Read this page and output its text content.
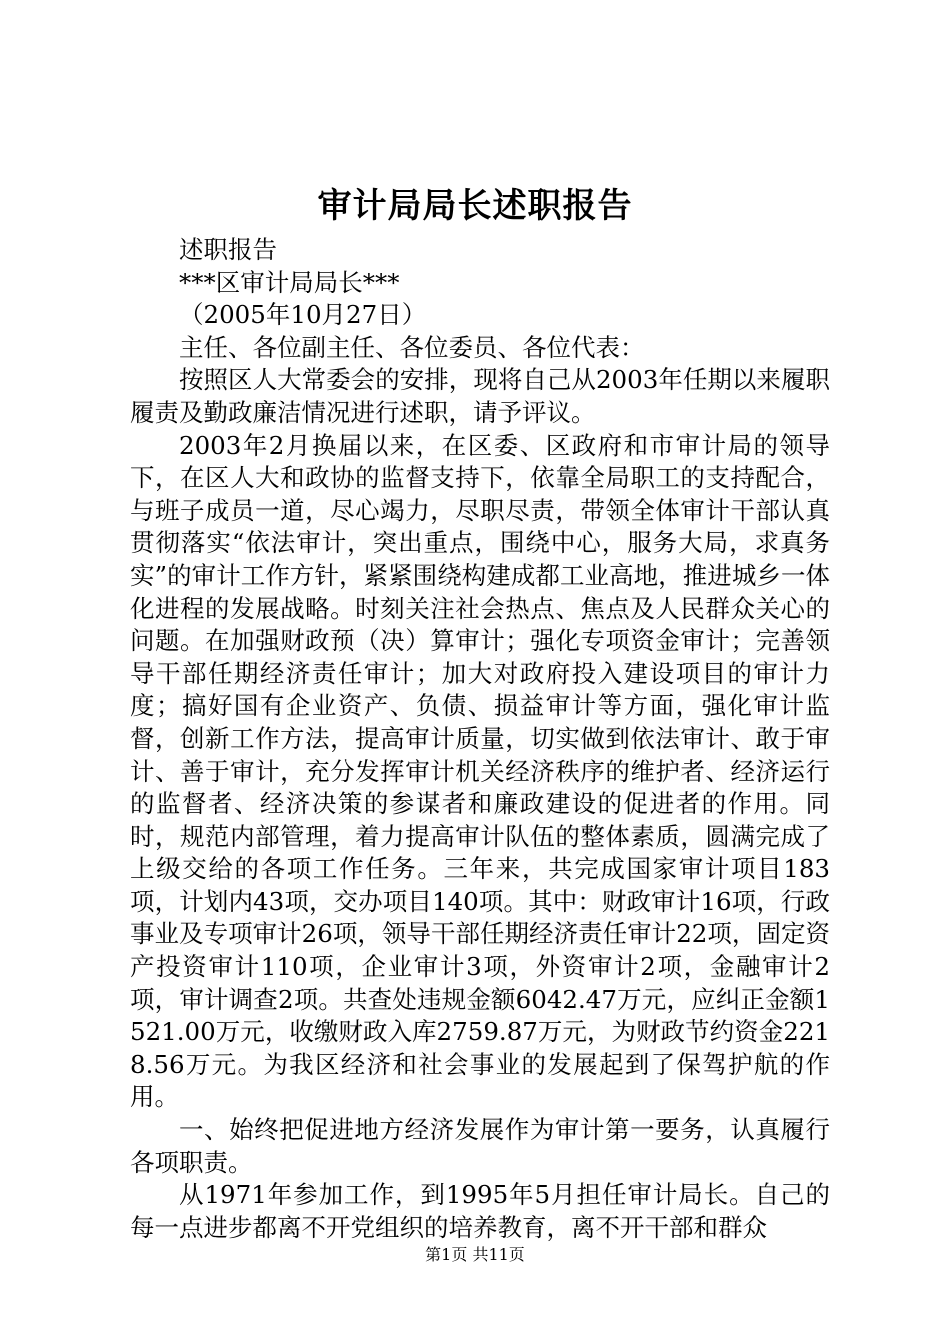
审计局局长述职报告

述职报告

***区审计局局长***

（2005年10月27日）

主任、各位副主任、各位委员、各位代表：

按照区人大常委会的安排，现将自己从2003年任期以来履职履责及勤政廉洁情况进行述职，请予评议。

2003年2月换届以来，在区委、区政府和市审计局的领导下，在区人大和政协的监督支持下，依靠全局职工的支持配合，与班子成员一道，尽心竭力，尽职尽责，带领全体审计干部认真贯彻落实“依法审计，突出重点，围绕中心，服务大局，求真务实”的审计工作方针，紧紧围绕构建成都工业高地，推进城乡一体化进程的发展战略。时刻关注社会热点、焦点及人民群众关心的问题。在加强财政预（决）算审计；强化专项资金审计；完善领导干部任期经济责任审计；加大对政府投入建设项目的审计力度；搞好国有企业资产、负债、损益审计等方面，强化审计监督，创新工作方法，提高审计质量，切实做到依法审计、敢于审计、善于审计，充分发挥审计机关经济秩序的维护者、经济运行的监督者、经济决策的参谋者和廉政建设的促进者的作用。同时，规范内部管理，着力提高审计队伍的整体素质，圆满完成了上级交给的各项工作任务。三年来，共完成国家审计项目183项，计划内43项，交办项目140项。其中：财政审计16项，行政事业及专项审计26项，领导干部任期经济责任审计22项，固定资产投资审计110项，企业审计3项，外资审计2项，金融审计2项，审计调查2项。共查处违规金额6042.47万元，应纠正金额1521.00万元，收缴财政入库2759.87万元，为财政节约资金2218.56万元。为我区经济和社会事业的发展起到了保驾护航的作用。

一、始终把促进地方经济发展作为审计第一要务，认真履行各项职责。

从1971年参加工作，到1995年5月担任审计局长。自己的每一点进步都离不开党组织的培养教育，离不开干部和群众

第1页 共11页
